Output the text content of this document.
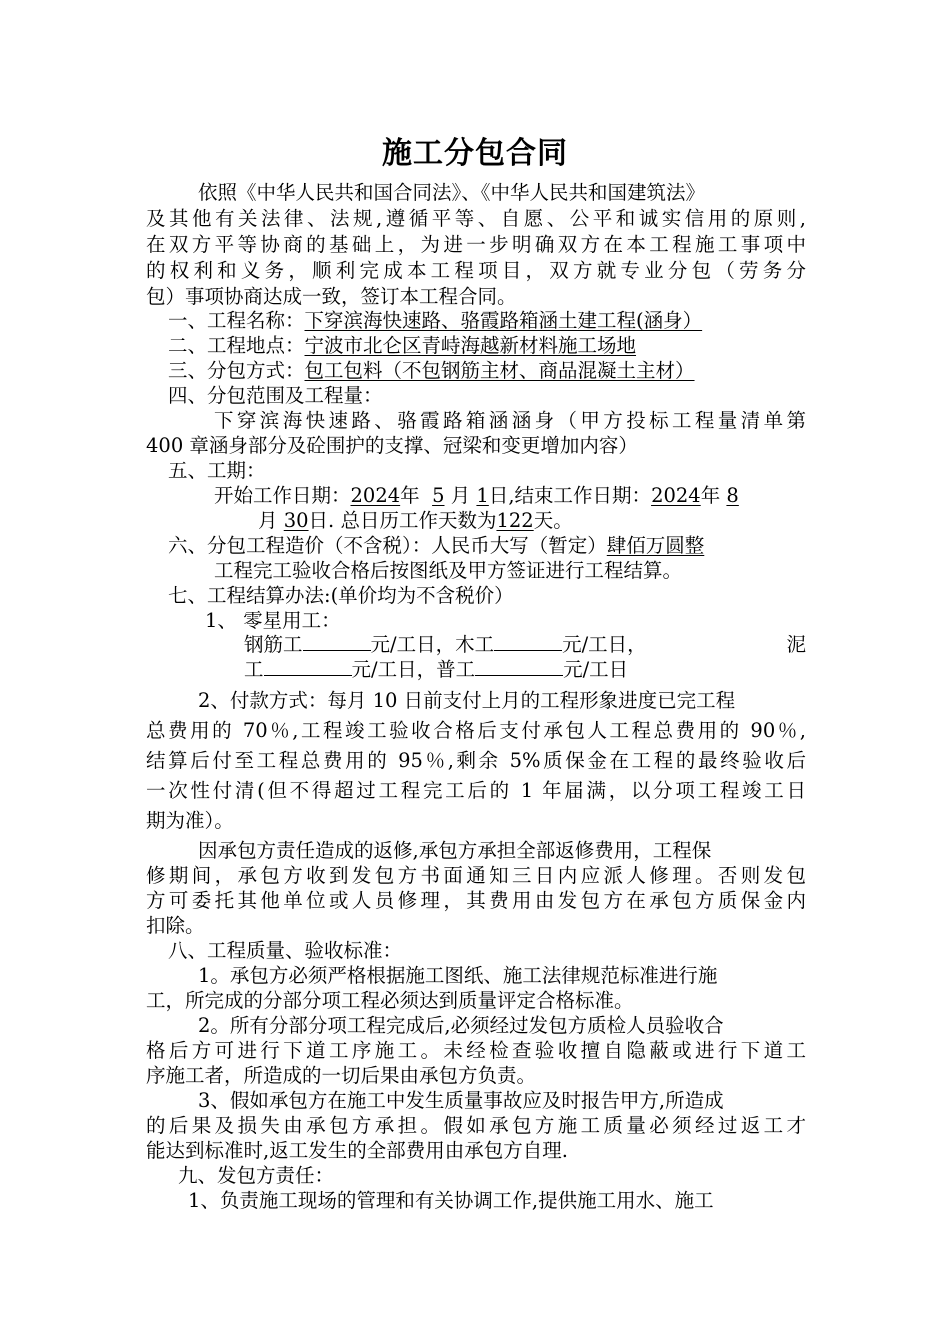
施工分包合同
依照《中华人民共和国合同法》、《中华人民共和国建筑法》
及其他有关法律、法规,遵循平等、自愿、公平和诚实信用的原则,
在双方平等协商的基础上，为进一步明确双方在本工程施工事项中
的权利和义务，顺利完成本工程项目，双方就专业分包（劳务分
包）事项协商达成一致，签订本工程合同。
一、工程名称：下穿滨海快速路、骆霞路箱涵土建工程(涵身）
二、工程地点：宁波市北仑区青峙海越新材料施工场地
三、分包方式：包工包料（不包钢筋主材、商品混凝土主材）
四、分包范围及工程量：
下穿滨海快速路、骆霞路箱涵涵身（甲方投标工程量清单第
400 章涵身部分及砼围护的支撑、冠梁和变更增加内容）
五、工期：
开始工作日期：2024年 5 月 1日,结束工作日期：2024年 8
月 30日. 总日历工作天数为122天。
六、分包工程造价（不含税）：人民币大写（暂定）肆佰万圆整
工程完工验收合格后按图纸及甲方签证进行工程结算。
七、工程结算办法:(单价均为不含税价）
1、 零星用工：
钢筋工	元/工日，木工	元/工日，	泥
工	元/工日，普工	元/工日
2、付款方式：每月 10 日前支付上月的工程形象进度已完工程
总费用的 70％,工程竣工验收合格后支付承包人工程总费用的 90％,
结算后付至工程总费用的 95％,剩余 5%质保金在工程的最终验收后
一次性付清(但不得超过工程完工后的 1 年届满，以分项工程竣工日
期为准）。
因承包方责任造成的返修,承包方承担全部返修费用，工程保
修期间，承包方收到发包方书面通知三日内应派人修理。否则发包
方可委托其他单位或人员修理，其费用由发包方在承包方质保金内
扣除。
八、工程质量、验收标准：
1。承包方必须严格根据施工图纸、施工法律规范标准进行施
工，所完成的分部分项工程必须达到质量评定合格标准。
2。所有分部分项工程完成后,必须经过发包方质检人员验收合
格后方可进行下道工序施工。未经检查验收擅自隐蔽或进行下道工
序施工者，所造成的一切后果由承包方负责。
3、假如承包方在施工中发生质量事故应及时报告甲方,所造成
的后果及损失由承包方承担。假如承包方施工质量必须经过返工才
能达到标准时,返工发生的全部费用由承包方自理.
九、发包方责任：
1、负责施工现场的管理和有关协调工作,提供施工用水、施工
